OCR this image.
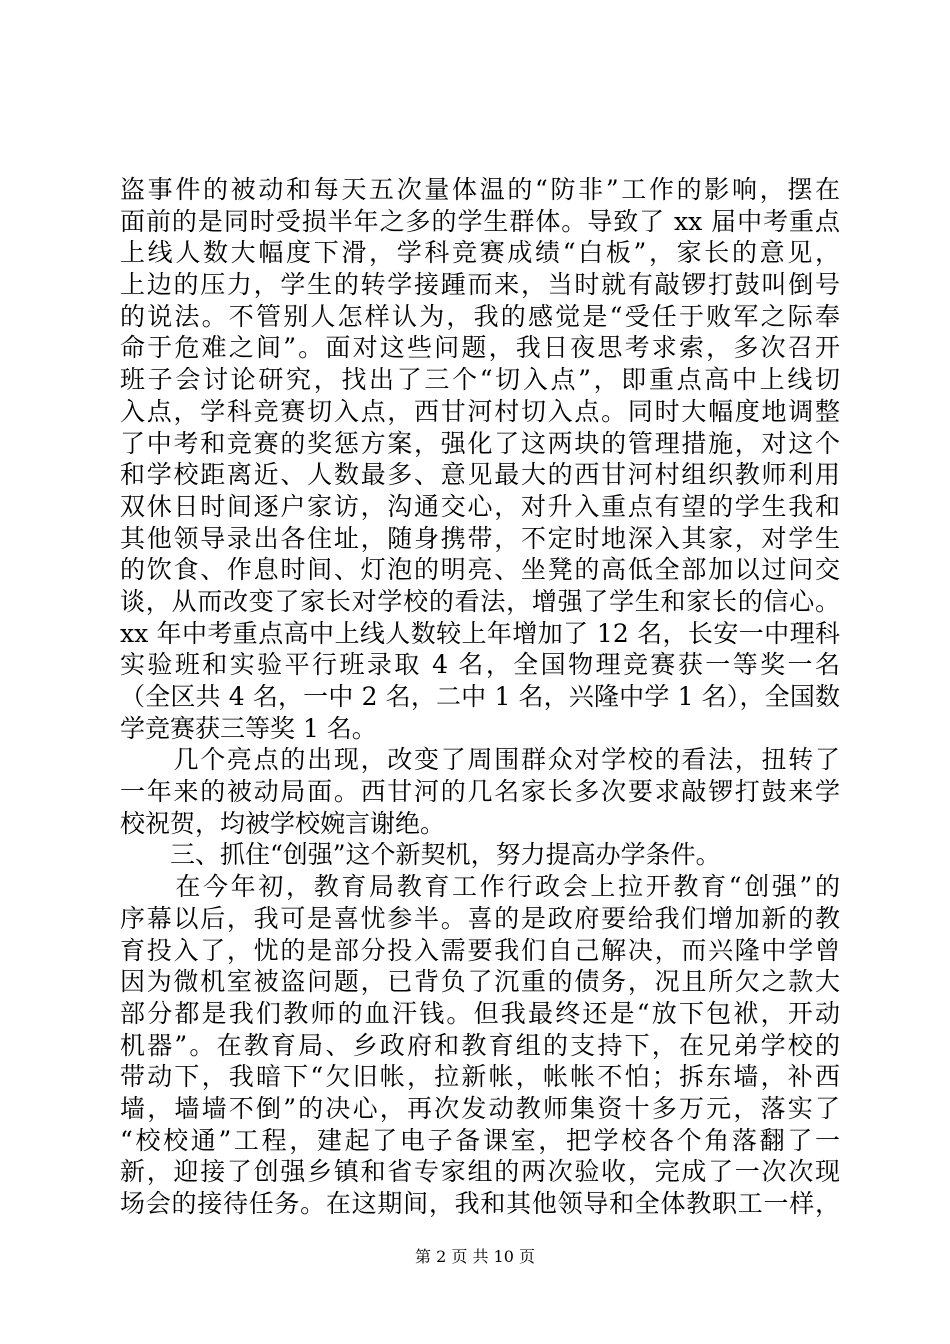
盗事件的被动和每天五次量体温的“防非”工作的影响，摆在
面前的是同时受损半年之多的学生群体。导致了 xx 届中考重点
上线人数大幅度下滑，学科竞赛成绩“白板”，家长的意见，
上边的压力，学生的转学接踵而来，当时就有敲锣打鼓叫倒号
的说法。不管别人怎样认为，我的感觉是“受任于败军之际奉
命于危难之间”。面对这些问题，我日夜思考求索，多次召开
班子会讨论研究，找出了三个“切入点”，即重点高中上线切
入点，学科竞赛切入点，西甘河村切入点。同时大幅度地调整
了中考和竞赛的奖惩方案，强化了这两块的管理措施，对这个
和学校距离近、人数最多、意见最大的西甘河村组织教师利用
双休日时间逐户家访，沟通交心，对升入重点有望的学生我和
其他领导录出各住址，随身携带，不定时地深入其家，对学生
的饮食、作息时间、灯泡的明亮、坐凳的高低全部加以过问交
谈，从而改变了家长对学校的看法，增强了学生和家长的信心。
xx 年中考重点高中上线人数较上年增加了 12 名，长安一中理科
实验班和实验平行班录取 4 名，全国物理竞赛获一等奖一名
（全区共 4 名，一中 2 名，二中 1 名，兴隆中学 1 名），全国数
学竞赛获三等奖 1 名。
　　几个亮点的出现，改变了周围群众对学校的看法，扭转了
一年来的被动局面。西甘河的几名家长多次要求敲锣打鼓来学
校祝贺，均被学校婉言谢绝。
　　三、抓住“创强”这个新契机，努力提高办学条件。
　　在今年初，教育局教育工作行政会上拉开教育“创强”的
序幕以后，我可是喜忧参半。喜的是政府要给我们增加新的教
育投入了，忧的是部分投入需要我们自己解决，而兴隆中学曾
因为微机室被盗问题，已背负了沉重的债务，况且所欠之款大
部分都是我们教师的血汗钱。但我最终还是“放下包袱，开动
机器”。在教育局、乡政府和教育组的支持下，在兄弟学校的
带动下，我暗下“欠旧帐，拉新帐，帐帐不怕；拆东墙，补西
墙，墙墙不倒”的决心，再次发动教师集资十多万元，落实了
“校校通”工程，建起了电子备课室，把学校各个角落翻了一
新，迎接了创强乡镇和省专家组的两次验收，完成了一次次现
场会的接待任务。在这期间，我和其他领导和全体教职工一样，
第 2 页 共 10 页
